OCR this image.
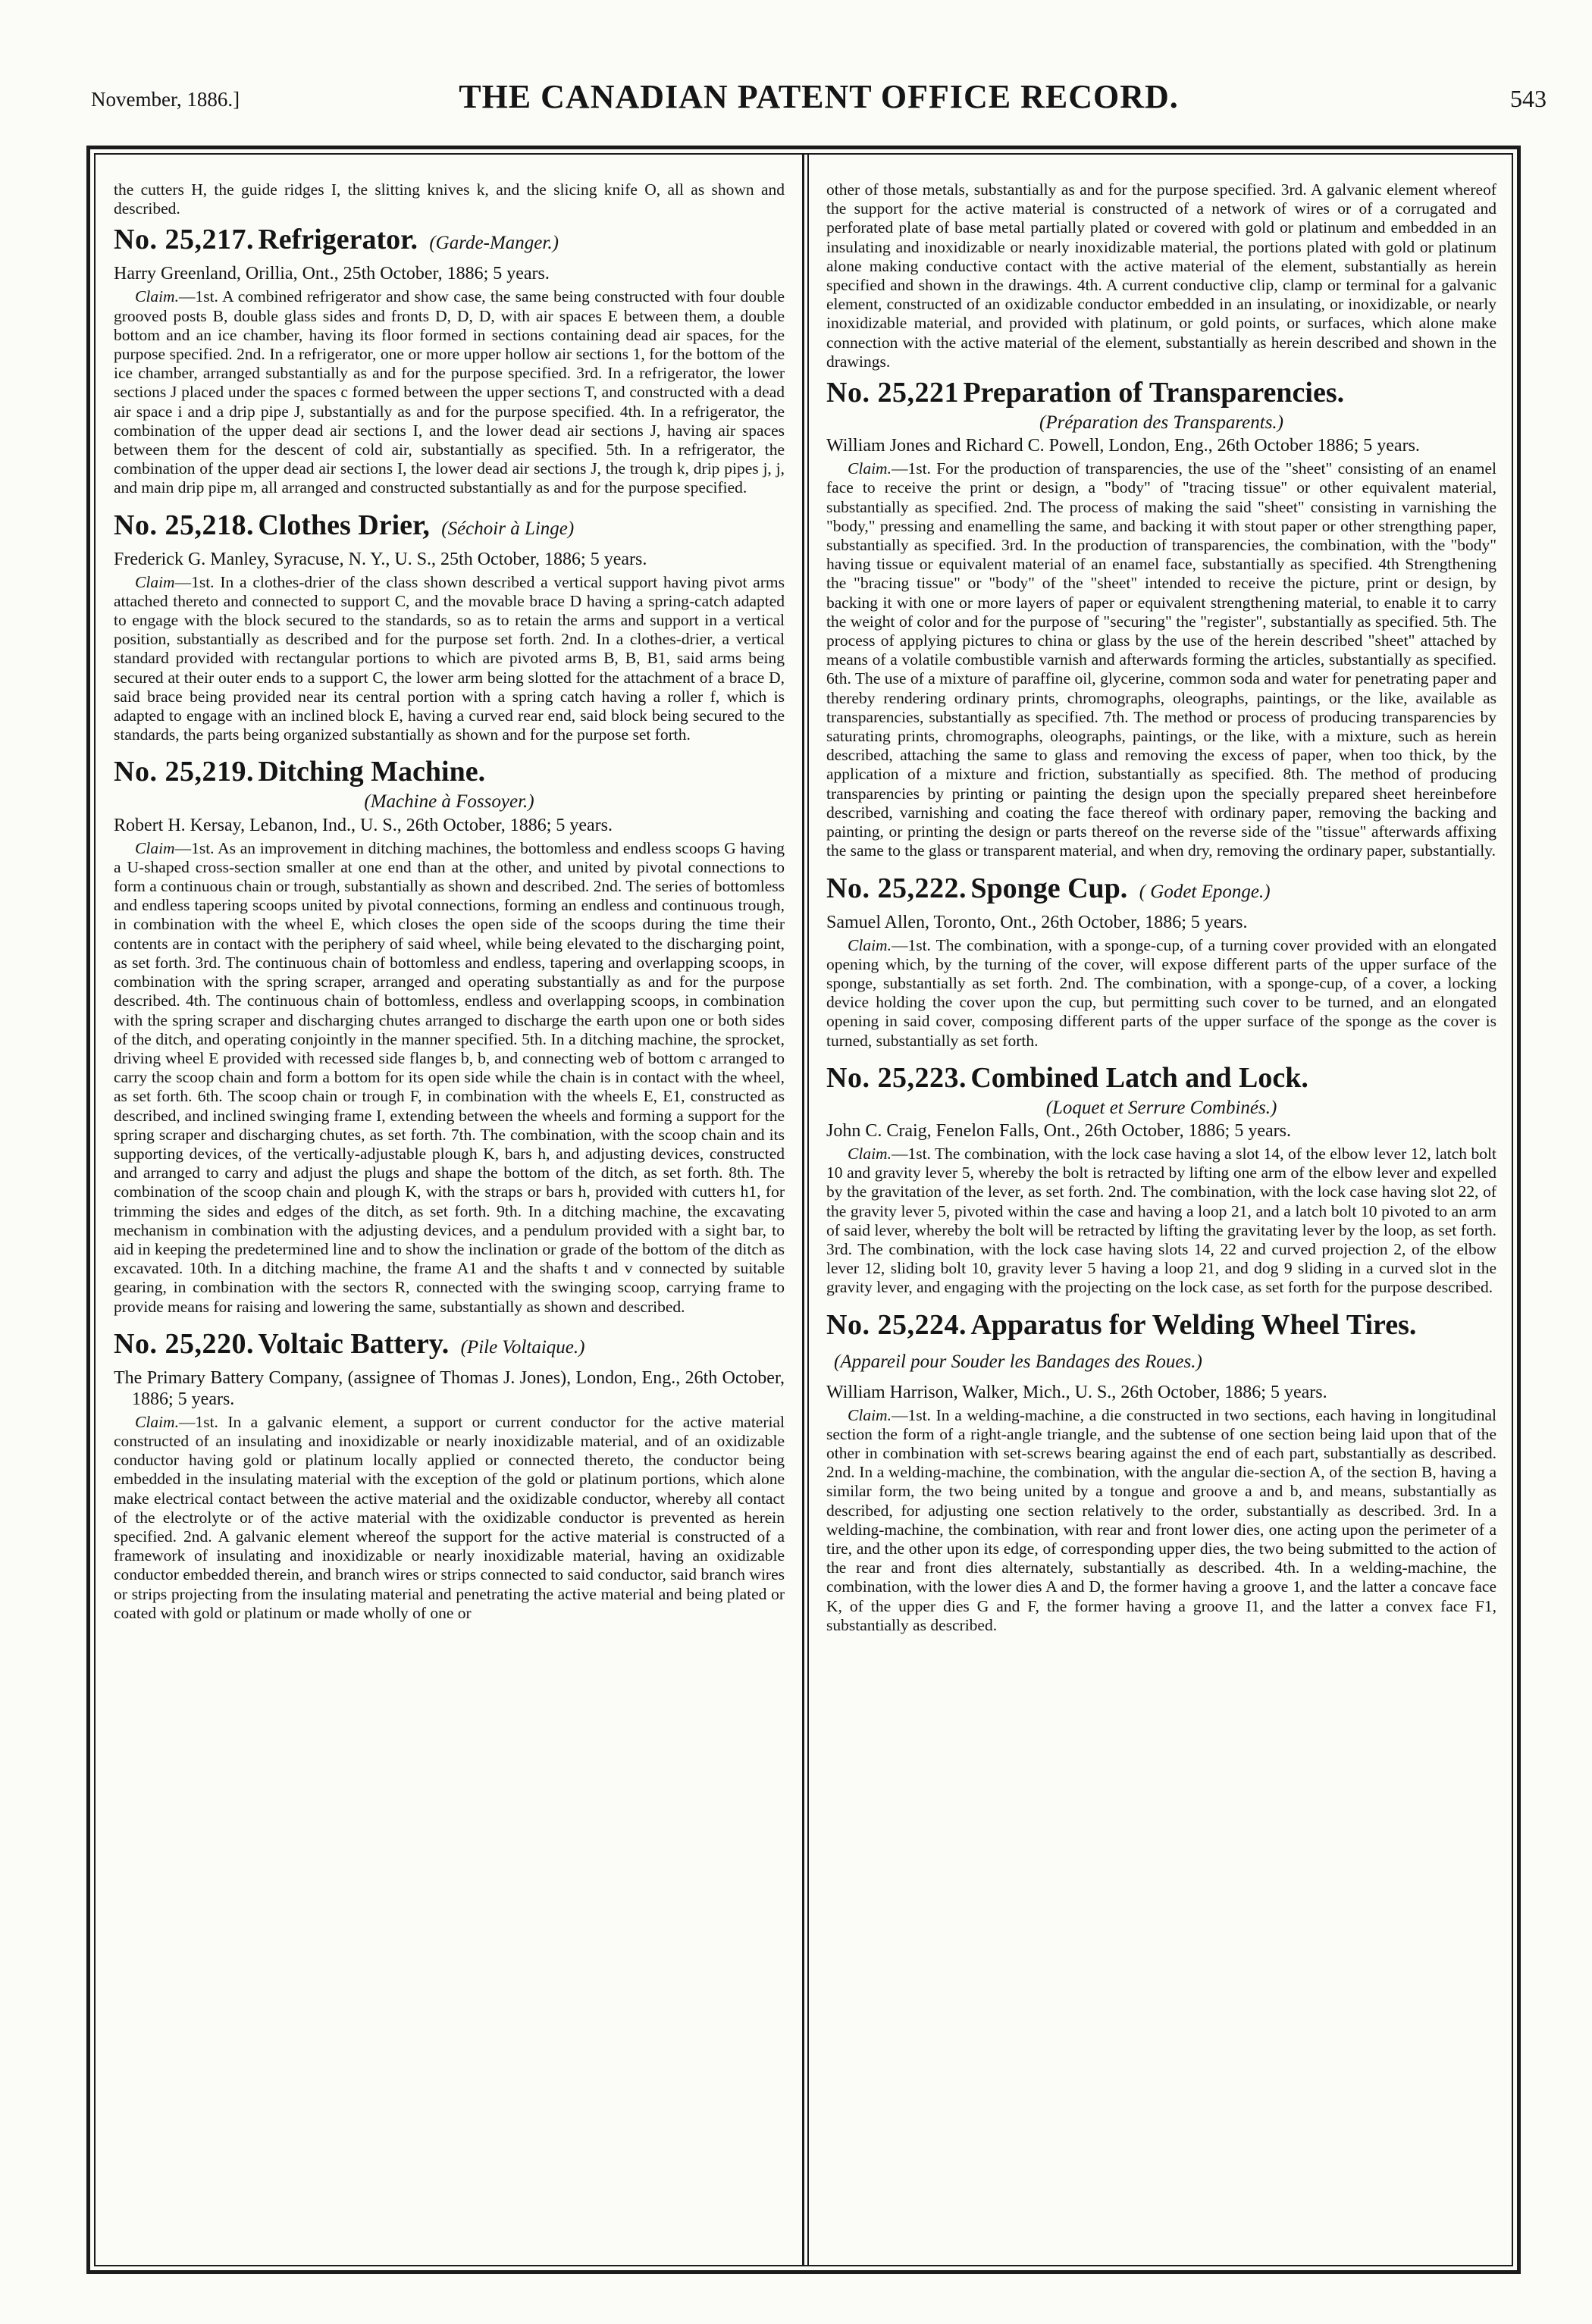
November, 1886.]	THE CANADIAN PATENT OFFICE RECORD.	543

the cutters H, the guide ridges I, the slitting knives k, and the slicing knife O, all as shown and described.

No. 25,217. Refrigerator. (Garde-Manger.)

Harry Greenland, Orillia, Ont., 25th October, 1886; 5 years.

Claim.—1st. A combined refrigerator and show case, the same being constructed with four double grooved posts B, double glass sides and fronts D, D, D, with air spaces E between them, a double bottom and an ice chamber, having its floor formed in sections containing dead air spaces, for the purpose specified. 2nd. In a refrigerator, one or more upper hollow air sections 1, for the bottom of the ice chamber, arranged substantially as and for the purpose specified. 3rd. In a refrigerator, the lower sections J placed under the spaces c formed between the upper sections T, and constructed with a dead air space i and a drip pipe J, substantially as and for the purpose specified. 4th. In a refrigerator, the combination of the upper dead air sections I, and the lower dead air sections J, having air spaces between them for the descent of cold air, substantially as specified. 5th. In a refrigerator, the combination of the upper dead air sections I, the lower dead air sections J, the trough k, drip pipes j, j, and main drip pipe m, all arranged and constructed substantially as and for the purpose specified.

No. 25,218. Clothes Drier, (Séchoir à Linge)

Frederick G. Manley, Syracuse, N. Y., U. S., 25th October, 1886; 5 years.

Claim—1st. In a clothes-drier of the class shown described a vertical support having pivot arms attached thereto and connected to support C, and the movable brace D having a spring-catch adapted to engage with the block secured to the standards, so as to retain the arms and support in a vertical position, substantially as described and for the purpose set forth. 2nd. In a clothes-drier, a vertical standard provided with rectangular portions to which are pivoted arms B, B, B1, said arms being secured at their outer ends to a support C, the lower arm being slotted for the attachment of a brace D, said brace being provided near its central portion with a spring catch having a roller f, which is adapted to engage with an inclined block E, having a curved rear end, said block being secured to the standards, the parts being organized substantially as shown and for the purpose set forth.

No. 25,219. Ditching Machine.
(Machine à Fossoyer.)

Robert H. Kersay, Lebanon, Ind., U. S., 26th October, 1886; 5 years.

Claim—1st. As an improvement in ditching machines, the bottomless and endless scoops G having a U-shaped cross-section smaller at one end than at the other, and united by pivotal connections to form a continuous chain or trough, substantially as shown and described. 2nd. The series of bottomless and endless tapering scoops united by pivotal connections, forming an endless and continuous trough, in combination with the wheel E, which closes the open side of the scoops during the time their contents are in contact with the periphery of said wheel, while being elevated to the discharging point, as set forth. 3rd. The continuous chain of bottomless and endless, tapering and overlapping scoops, in combination with the spring scraper, arranged and operating substantially as and for the purpose described. 4th. The continuous chain of bottomless, endless and overlapping scoops, in combination with the spring scraper and discharging chutes arranged to discharge the earth upon one or both sides of the ditch, and operating conjointly in the manner specified. 5th. In a ditching machine, the sprocket, driving wheel E provided with recessed side flanges b, b, and connecting web of bottom c arranged to carry the scoop chain and form a bottom for its open side while the chain is in contact with the wheel, as set forth. 6th. The scoop chain or trough F, in combination with the wheels E, E1, constructed as described, and inclined swinging frame I, extending between the wheels and forming a support for the spring scraper and discharging chutes, as set forth. 7th. The combination, with the scoop chain and its supporting devices, of the vertically-adjustable plough K, bars h, and adjusting devices, constructed and arranged to carry and adjust the plugs and shape the bottom of the ditch, as set forth. 8th. The combination of the scoop chain and plough K, with the straps or bars h, provided with cutters h1, for trimming the sides and edges of the ditch, as set forth. 9th. In a ditching machine, the excavating mechanism in combination with the adjusting devices, and a pendulum provided with a sight bar, to aid in keeping the predetermined line and to show the inclination or grade of the bottom of the ditch as excavated. 10th. In a ditching machine, the frame A1 and the shafts t and v connected by suitable gearing, in combination with the sectors R, connected with the swinging scoop, carrying frame to provide means for raising and lowering the same, substantially as shown and described.

No. 25,220. Voltaic Battery. (Pile Voltaique.)

The Primary Battery Company, (assignee of Thomas J. Jones), London, Eng., 26th October, 1886; 5 years.

Claim.—1st. In a galvanic element, a support or current conductor for the active material constructed of an insulating and inoxidizable or nearly inoxidizable material, and of an oxidizable conductor having gold or platinum locally applied or connected thereto, the conductor being embedded in the insulating material with the exception of the gold or platinum portions, which alone make electrical contact between the active material and the oxidizable conductor, whereby all contact of the electrolyte or of the active material with the oxidizable conductor is prevented as herein specified. 2nd. A galvanic element whereof the support for the active material is constructed of a framework of insulating and inoxidizable or nearly inoxidizable material, having an oxidizable conductor embedded therein, and branch wires or strips connected to said conductor, said branch wires or strips projecting from the insulating material and penetrating the active material and being plated or coated with gold or platinum or made wholly of one or

other of those metals, substantially as and for the purpose specified. 3rd. A galvanic element whereof the support for the active material is constructed of a network of wires or of a corrugated and perforated plate of base metal partially plated or covered with gold or platinum and embedded in an insulating and inoxidizable or nearly inoxidizable material, the portions plated with gold or platinum alone making conductive contact with the active material of the element, substantially as herein specified and shown in the drawings. 4th. A current conductive clip, clamp or terminal for a galvanic element, constructed of an oxidizable conductor embedded in an insulating, or inoxidizable, or nearly inoxidizable material, and provided with platinum, or gold points, or surfaces, which alone make connection with the active material of the element, substantially as herein described and shown in the drawings.

No. 25,221 Preparation of Transparencies.
(Préparation des Transparents.)

William Jones and Richard C. Powell, London, Eng., 26th October 1886; 5 years.

Claim.—1st. For the production of transparencies, the use of the "sheet" consisting of an enamel face to receive the print or design, a "body" of "tracing tissue" or other equivalent material, substantially as specified. 2nd. The process of making the said "sheet" consisting in varnishing the "body," pressing and enamelling the same, and backing it with stout paper or other strengthing paper, substantially as specified. 3rd. In the production of transparencies, the combination, with the "body" having tissue or equivalent material of an enamel face, substantially as specified. 4th Strengthening the "bracing tissue" or "body" of the "sheet" intended to receive the picture, print or design, by backing it with one or more layers of paper or equivalent strengthening material, to enable it to carry the weight of color and for the purpose of "securing" the "register", substantially as specified. 5th. The process of applying pictures to china or glass by the use of the herein described "sheet" attached by means of a volatile combustible varnish and afterwards forming the articles, substantially as specified. 6th. The use of a mixture of paraffine oil, glycerine, common soda and water for penetrating paper and thereby rendering ordinary prints, chromographs, oleographs, paintings, or the like, available as transparencies, substantially as specified. 7th. The method or process of producing transparencies by saturating prints, chromographs, oleographs, paintings, or the like, with a mixture, such as herein described, attaching the same to glass and removing the excess of paper, when too thick, by the application of a mixture and friction, substantially as specified. 8th. The method of producing transparencies by printing or painting the design upon the specially prepared sheet hereinbefore described, varnishing and coating the face thereof with ordinary paper, removing the backing and painting, or printing the design or parts thereof on the reverse side of the "tissue" afterwards affixing the same to the glass or transparent material, and when dry, removing the ordinary paper, substantially.

No. 25,222. Sponge Cup. ( Godet Eponge.)

Samuel Allen, Toronto, Ont., 26th October, 1886; 5 years.

Claim.—1st. The combination, with a sponge-cup, of a turning cover provided with an elongated opening which, by the turning of the cover, will expose different parts of the upper surface of the sponge, substantially as set forth. 2nd. The combination, with a sponge-cup, of a cover, a locking device holding the cover upon the cup, but permitting such cover to be turned, and an elongated opening in said cover, composing different parts of the upper surface of the sponge as the cover is turned, substantially as set forth.

No. 25,223. Combined Latch and Lock.
(Loquet et Serrure Combinés.)

John C. Craig, Fenelon Falls, Ont., 26th October, 1886; 5 years.

Claim.—1st. The combination, with the lock case having a slot 14, of the elbow lever 12, latch bolt 10 and gravity lever 5, whereby the bolt is retracted by lifting one arm of the elbow lever and expelled by the gravitation of the lever, as set forth. 2nd. The combination, with the lock case having slot 22, of the gravity lever 5, pivoted within the case and having a loop 21, and a latch bolt 10 pivoted to an arm of said lever, whereby the bolt will be retracted by lifting the gravitating lever by the loop, as set forth. 3rd. The combination, with the lock case having slots 14, 22 and curved projection 2, of the elbow lever 12, sliding bolt 10, gravity lever 5 having a loop 21, and dog 9 sliding in a curved slot in the gravity lever, and engaging with the projecting on the lock case, as set forth for the purpose described.

No. 25,224. Apparatus for Welding Wheel Tires. (Appareil pour Souder les Bandages des Roues.)

William Harrison, Walker, Mich., U. S., 26th October, 1886; 5 years.

Claim.—1st. In a welding-machine, a die constructed in two sections, each having in longitudinal section the form of a right-angle triangle, and the subtense of one section being laid upon that of the other in combination with set-screws bearing against the end of each part, substantially as described. 2nd. In a welding-machine, the combination, with the angular die-section A, of the section B, having a similar form, the two being united by a tongue and groove a and b, and means, substantially as described, for adjusting one section relatively to the order, substantially as described. 3rd. In a welding-machine, the combination, with rear and front lower dies, one acting upon the perimeter of a tire, and the other upon its edge, of corresponding upper dies, the two being submitted to the action of the rear and front dies alternately, substantially as described. 4th. In a welding-machine, the combination, with the lower dies A and D, the former having a groove 1, and the latter a concave face K, of the upper dies G and F, the former having a groove I1, and the latter a convex face F1, substantially as described.
